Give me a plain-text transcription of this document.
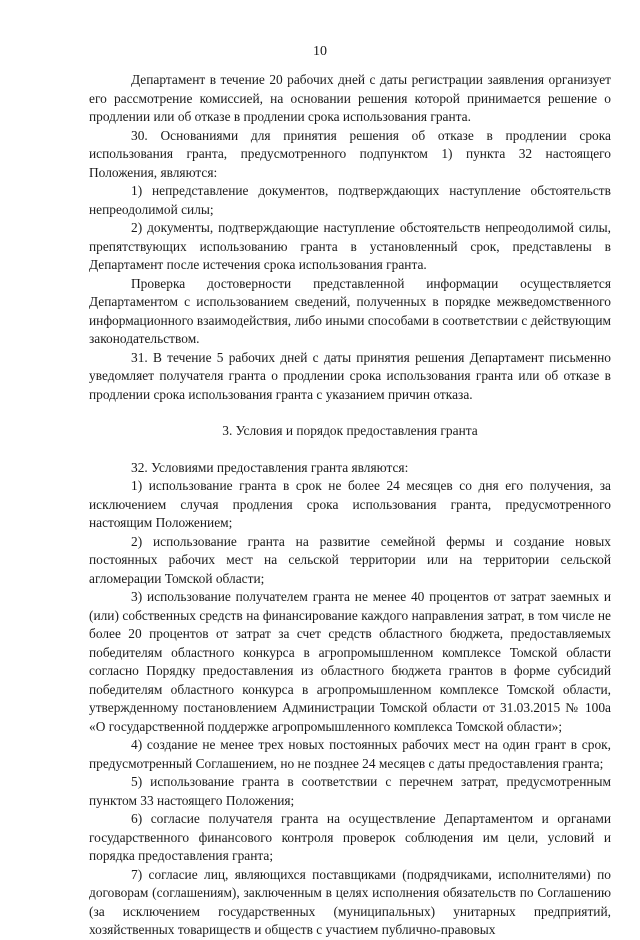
10

Департамент в течение 20 рабочих дней с даты регистрации заявления организует его рассмотрение комиссией, на основании решения которой принимается решение о продлении или об отказе в продлении срока использования гранта.

30. Основаниями для принятия решения об отказе в продлении срока использования гранта, предусмотренного подпунктом 1) пункта 32 настоящего Положения, являются:

1) непредставление документов, подтверждающих наступление обстоятельств непреодолимой силы;

2) документы, подтверждающие наступление обстоятельств непреодолимой силы, препятствующих использованию гранта в установленный срок, представлены в Департамент после истечения срока использования гранта.

Проверка достоверности представленной информации осуществляется Департаментом с использованием сведений, полученных в порядке межведомственного информационного взаимодействия, либо иными способами в соответствии с действующим законодательством.

31. В течение 5 рабочих дней с даты принятия решения Департамент письменно уведомляет получателя гранта о продлении срока использования гранта или об отказе в продлении срока использования гранта с указанием причин отказа.

3. Условия и порядок предоставления гранта

32. Условиями предоставления гранта являются:

1) использование гранта в срок не более 24 месяцев со дня его получения, за исключением случая продления срока использования гранта, предусмотренного настоящим Положением;

2) использование гранта на развитие семейной фермы и создание новых постоянных рабочих мест на сельской территории или на территории сельской агломерации Томской области;

3) использование получателем гранта не менее 40 процентов от затрат заемных и (или) собственных средств на финансирование каждого направления затрат, в том числе не более 20 процентов от затрат за счет средств областного бюджета, предоставляемых победителям областного конкурса в агропромышленном комплексе Томской области согласно Порядку предоставления из областного бюджета грантов в форме субсидий победителям областного конкурса в агропромышленном комплексе Томской области, утвержденному постановлением Администрации Томской области от 31.03.2015 № 100а «О государственной поддержке агропромышленного комплекса Томской области»;

4) создание не менее трех новых постоянных рабочих мест на один грант в срок, предусмотренный Соглашением, но не позднее 24 месяцев с даты предоставления гранта;

5) использование гранта в соответствии с перечнем затрат, предусмотренным пунктом 33 настоящего Положения;

6) согласие получателя гранта на осуществление Департаментом и органами государственного финансового контроля проверок соблюдения им цели, условий и порядка предоставления гранта;

7) согласие лиц, являющихся поставщиками (подрядчиками, исполнителями) по договорам (соглашениям), заключенным в целях исполнения обязательств по Соглашению (за исключением государственных (муниципальных) унитарных предприятий, хозяйственных товариществ и обществ с участием публично-правовых
